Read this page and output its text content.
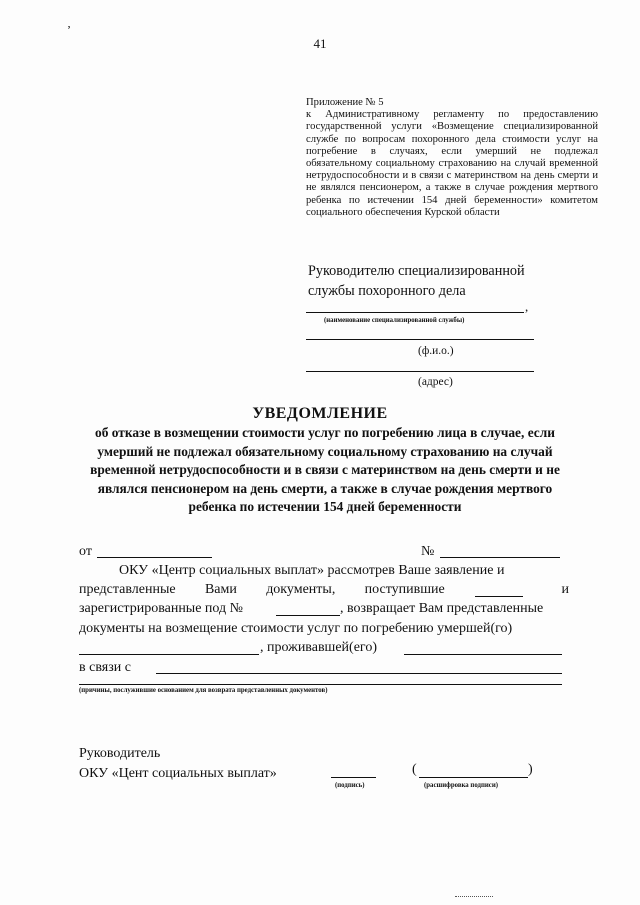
‚
41
Приложение № 5
к Административному регламенту по предоставлению государственной услуги «Возмещение специализированной службе по вопросам похоронного дела стоимости услуг на погребение в случаях, если умерший не подлежал обязательному социальному страхованию на случай временной нетрудоспособности и в связи с материнством на день смерти и не являлся пенсионером, а также в случае рождения мертвого ребенка по истечении 154 дней беременности» комитетом социального обеспечения Курской области
Руководителю специализированной
службы похоронного дела
,
(наименование специализированной службы)
(ф.и.о.)
(адрес)
УВЕДОМЛЕНИЕ
об отказе в возмещении стоимости услуг по погребению лица в случае, если умерший не подлежал обязательному социальному страхованию на случай временной нетрудоспособности и в связи с материнством на день смерти и не являлся пенсионером на день смерти, а также в случае рождения мертвого ребенка по истечении 154 дней беременности
от	№
ОКУ «Центр социальных выплат» рассмотрев Ваше заявление и
представленные Вами документы, поступившие	и
зарегистрированные под №	, возвращает Вам представленные
документы на возмещение стоимости услуг по погребению умершей(го)
, проживавшей(его)
в связи с
(причины, послужившие основанием для возврата представленных документов)
Руководитель
ОКУ «Цент социальных выплат»
(подпись)
(	)
(расшифровка подписи)
